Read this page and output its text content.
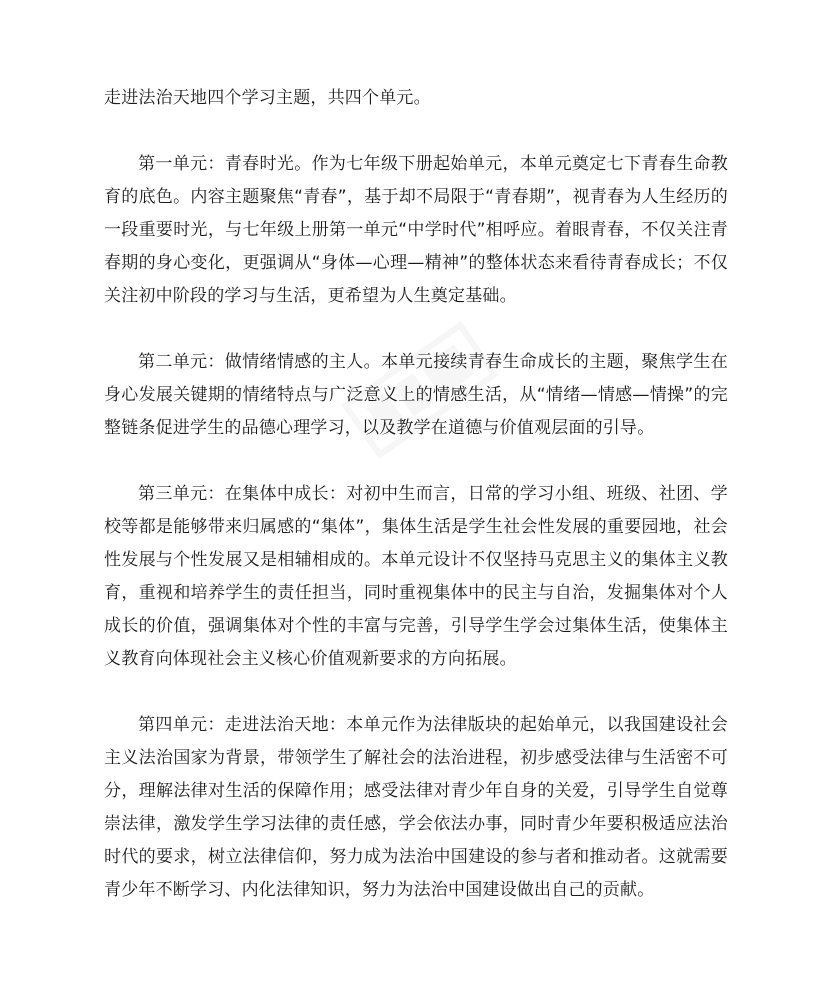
走进法治天地四个学习主题，共四个单元。

第一单元：青春时光。作为七年级下册起始单元，本单元奠定七下青春生命教育的底色。内容主题聚焦“青春”，基于却不局限于“青春期”，视青春为人生经历的一段重要时光，与七年级上册第一单元“中学时代”相呼应。着眼青春，不仅关注青春期的身心变化，更强调从“身体—心理—精神”的整体状态来看待青春成长；不仅关注初中阶段的学习与生活，更希望为人生奠定基础。

第二单元：做情绪情感的主人。本单元接续青春生命成长的主题，聚焦学生在身心发展关键期的情绪特点与广泛意义上的情感生活，从“情绪—情感—情操”的完整链条促进学生的品德心理学习，以及教学在道德与价值观层面的引导。

第三单元：在集体中成长：对初中生而言，日常的学习小组、班级、社团、学校等都是能够带来归属感的“集体”，集体生活是学生社会性发展的重要园地，社会性发展与个性发展又是相辅相成的。本单元设计不仅坚持马克思主义的集体主义教育，重视和培养学生的责任担当，同时重视集体中的民主与自治，发掘集体对个人成长的价值，强调集体对个性的丰富与完善，引导学生学会过集体生活，使集体主义教育向体现社会主义核心价值观新要求的方向拓展。

第四单元：走进法治天地：本单元作为法律版块的起始单元，以我国建设社会主义法治国家为背景，带领学生了解社会的法治进程，初步感受法律与生活密不可分，理解法律对生活的保障作用；感受法律对青少年自身的关爱，引导学生自觉尊崇法律，激发学生学习法律的责任感，学会依法办事，同时青少年要积极适应法治时代的要求，树立法律信仰，努力成为法治中国建设的参与者和推动者。这就需要青少年不断学习、内化法律知识，努力为法治中国建设做出自己的贡献。
